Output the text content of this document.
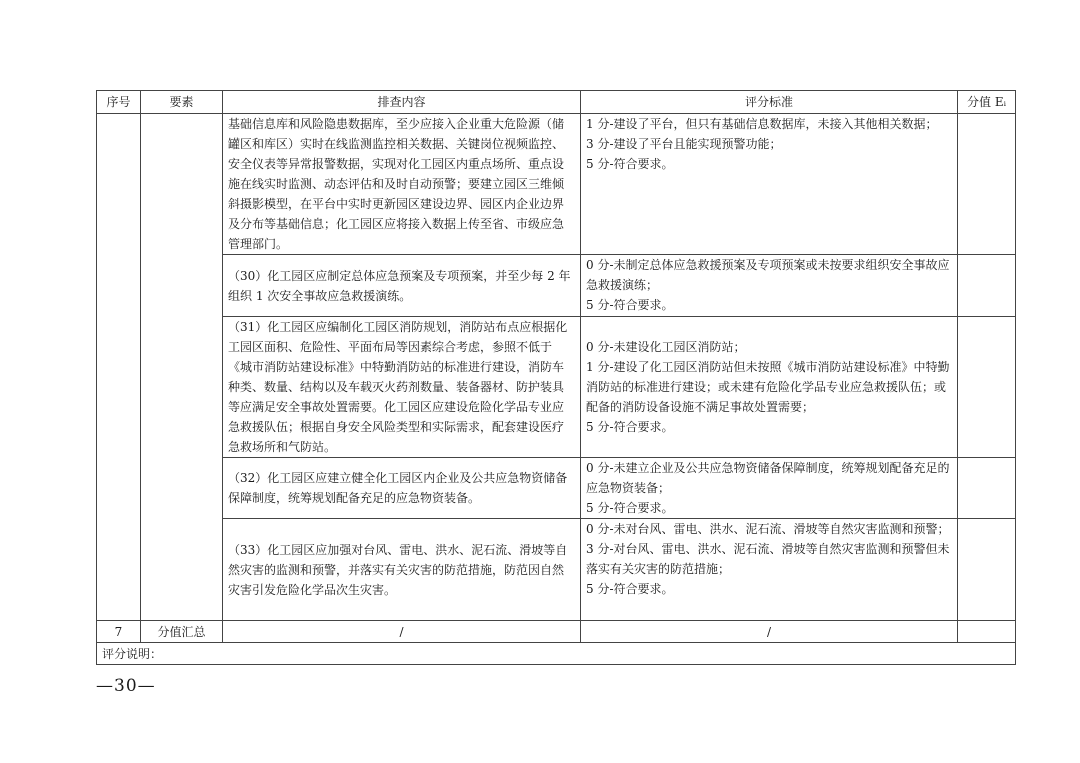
序号	要素	排查内容	评分标准	分值 Eᵢ
		基础信息库和风险隐患数据库，至少应接入企业重大危险源（储罐区和库区）实时在线监测监控相关数据、关键岗位视频监控、安全仪表等异常报警数据，实现对化工园区内重点场所、重点设施在线实时监测、动态评估和及时自动预警；要建立园区三维倾斜摄影模型，在平台中实时更新园区建设边界、园区内企业边界及分布等基础信息；化工园区应将接入数据上传至省、市级应急管理部门。	1 分-建设了平台，但只有基础信息数据库，未接入其他相关数据；
3 分-建设了平台且能实现预警功能；
5 分-符合要求。	

		（30）化工园区应制定总体应急预案及专项预案，并至少每 2 年组织 1 次安全事故应急救援演练。	0 分-未制定总体应急救援预案及专项预案或未按要求组织安全事故应急救援演练；
5 分-符合要求。	

		（31）化工园区应编制化工园区消防规划，消防站布点应根据化工园区面积、危险性、平面布局等因素综合考虑，参照不低于《城市消防站建设标准》中特勤消防站的标准进行建设，消防车种类、数量、结构以及车载灭火药剂数量、装备器材、防护装具等应满足安全事故处置需要。化工园区应建设危险化学品专业应急救援队伍；根据自身安全风险类型和实际需求，配套建设医疗急救场所和气防站。	0 分-未建设化工园区消防站；
1 分-建设了化工园区消防站但未按照《城市消防站建设标准》中特勤消防站的标准进行建设；或未建有危险化学品专业应急救援队伍；或配备的消防设备设施不满足事故处置需要；
5 分-符合要求。	

		（32）化工园区应建立健全化工园区内企业及公共应急物资储备保障制度，统筹规划配备充足的应急物资装备。	0 分-未建立企业及公共应急物资储备保障制度，统筹规划配备充足的应急物资装备；
5 分-符合要求。	

		（33）化工园区应加强对台风、雷电、洪水、泥石流、滑坡等自然灾害的监测和预警，并落实有关灾害的防范措施，防范因自然灾害引发危险化学品次生灾害。	0 分-未对台风、雷电、洪水、泥石流、滑坡等自然灾害监测和预警；
3 分-对台风、雷电、洪水、泥石流、滑坡等自然灾害监测和预警但未落实有关灾害的防范措施；
5 分-符合要求。	

7	分值汇总	/	/	
评分说明：				
—30—
